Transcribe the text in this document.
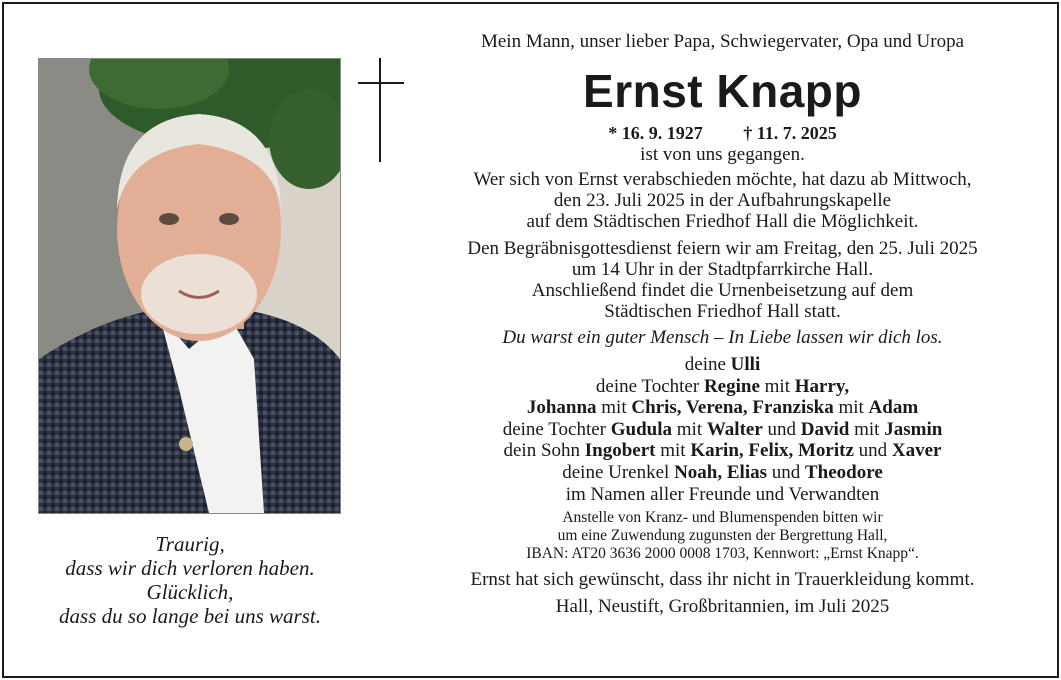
Traurig,
dass wir dich verloren haben.
Glücklich,
dass du so lange bei uns warst.

Mein Mann, unser lieber Papa, Schwiegervater, Opa und Uropa

Ernst Knapp
* 16. 9. 1927 † 11. 7. 2025

ist von uns gegangen.

Wer sich von Ernst verabschieden möchte, hat dazu ab Mittwoch,

den 23. Juli 2025 in der Aufbahrungskapelle

auf dem Städtischen Friedhof Hall die Möglichkeit.

Den Begräbnisgottesdienst feiern wir am Freitag, den 25. Juli 2025

um 14 Uhr in der Stadtpfarrkirche Hall.

Anschließend findet die Urnenbeisetzung auf dem

Städtischen Friedhof Hall statt.

Du warst ein guter Mensch – In Liebe lassen wir dich los.
deine Ulli
deine Tochter Regine mit Harry,
Johanna mit Chris, Verena, Franziska mit Adam
deine Tochter Gudula mit Walter und David mit Jasmin
dein Sohn Ingobert mit Karin, Felix, Moritz und Xaver
deine Urenkel Noah, Elias und Theodore
im Namen aller Freunde und Verwandten
Anstelle von Kranz- und Blumenspenden bitten wir
um eine Zuwendung zugunsten der Bergrettung Hall,
IBAN: AT20 3636 2000 0008 1703, Kennwort: „Ernst Knapp“.

Ernst hat sich gewünscht, dass ihr nicht in Trauerkleidung kommt.

Hall, Neustift, Großbritannien, im Juli 2025
